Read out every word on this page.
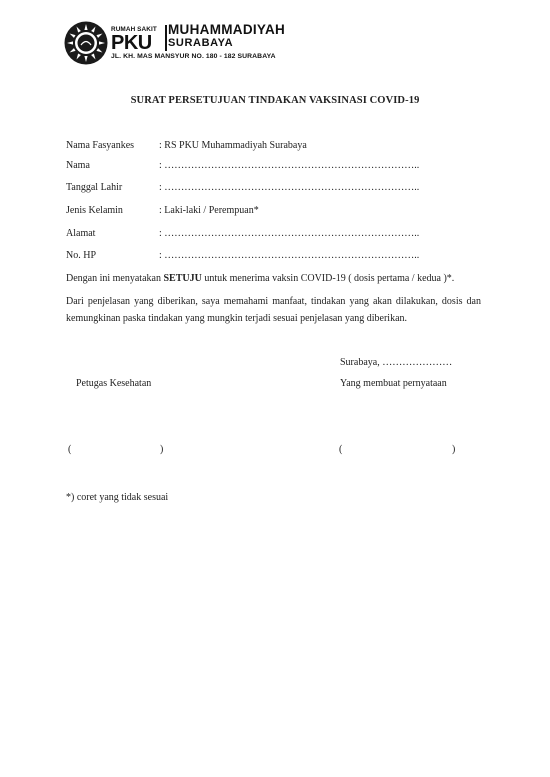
RUMAH SAKIT MUHAMMADIYAH
PKU SURABAYA
JL. KH. MAS MANSYUR NO. 180 - 182 SURABAYA
SURAT PERSETUJUAN TINDAKAN VAKSINASI COVID-19
Nama Fasyankes : RS PKU Muhammadiyah Surabaya
Nama	: …………………………………………………………………..
Tanggal Lahir	: …………………………………………………………………..
Jenis Kelamin	: Laki-laki / Perempuan*
Alamat	: …………………………………………………………………..
No. HP	: …………………………………………………………………..
Dengan ini menyatakan SETUJU untuk menerima vaksin COVID-19 ( dosis pertama / kedua )*.
Dari penjelasan yang diberikan, saya memahami manfaat, tindakan yang akan dilakukan, dosis dan kemungkinan paska tindakan yang mungkin terjadi sesuai penjelasan yang diberikan.
Surabaya, …………………
Petugas Kesehatan	Yang membuat pernyataan
(	)	(	)
*) coret yang tidak sesuai
